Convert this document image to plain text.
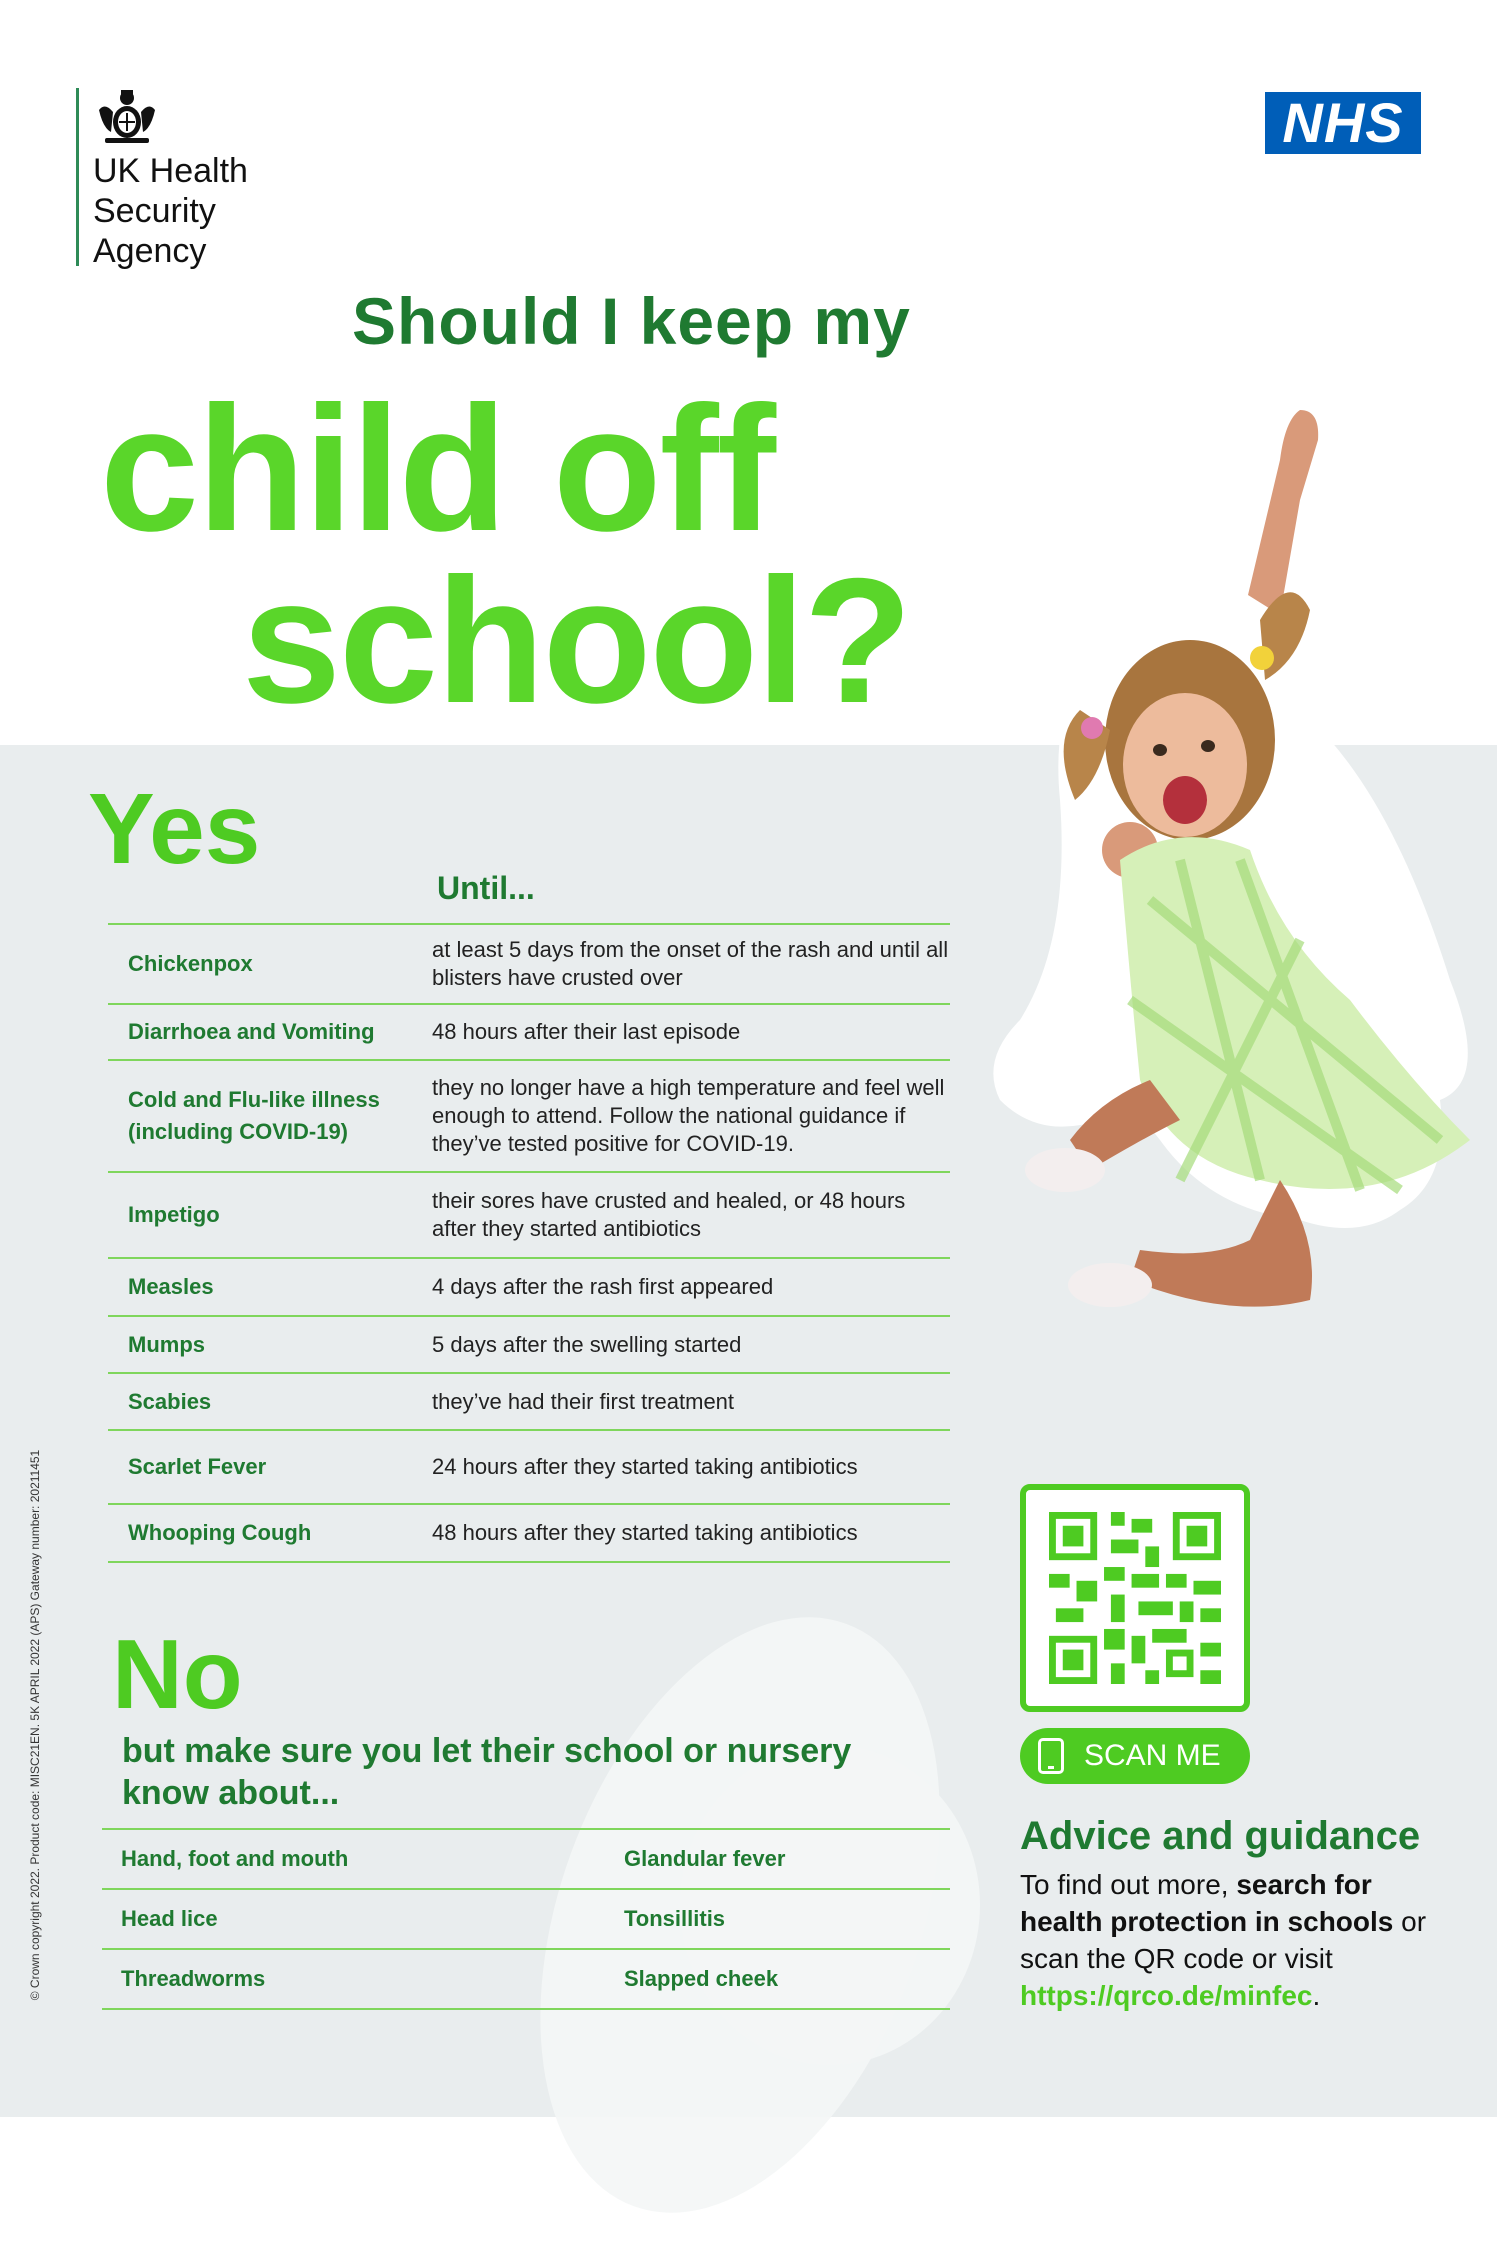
UK Health
Security
Agency
NHS
Should I keep my
child off
school?
Yes
Until...
Chickenpox	at least 5 days from the onset of the rash and until all blisters have crusted over
Diarrhoea and Vomiting	48 hours after their last episode
Cold and Flu-like illness (including COVID-19)	they no longer have a high temperature and feel well enough to attend. Follow the national guidance if they’ve tested positive for COVID-19.
Impetigo	their sores have crusted and healed, or 48 hours after they started antibiotics
Measles	4 days after the rash first appeared
Mumps	5 days after the swelling started
Scabies	they’ve had their first treatment
Scarlet Fever	24 hours after they started taking antibiotics
Whooping Cough	48 hours after they started taking antibiotics
No
but make sure you let their school or nursery know about...
Hand, foot and mouth	Glandular fever
Head lice	Tonsillitis
Threadworms	Slapped cheek
© Crown copyright 2022. Product code: MISC21EN. 5K APRIL 2022 (APS) Gateway number: 20211451	SCAN ME
Advice and guidance
To find out more, search for health protection in schools or scan the QR code or visit https://qrco.de/minfec.
